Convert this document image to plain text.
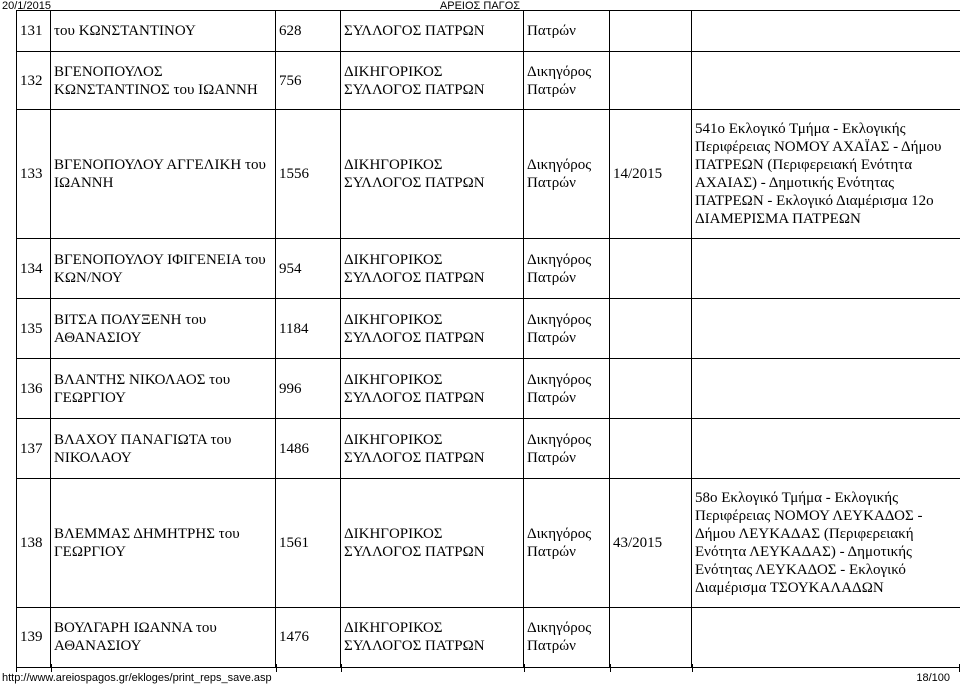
20/1/2015	ΑΡΕΙΟΣ ΠΑΓΟΣ
131	του ΚΩΝΣΤΑΝΤΙΝΟΥ	628	ΣΥΛΛΟΓΟΣ ΠΑΤΡΩΝ	Πατρών		
132	ΒΓΕΝΟΠΟΥΛΟΣ ΚΩΝΣΤΑΝΤΙΝΟΣ του ΙΩΑΝΝΗ	756	ΔΙΚΗΓΟΡΙΚΟΣ ΣΥΛΛΟΓΟΣ ΠΑΤΡΩΝ	Δικηγόρος Πατρών		
133	ΒΓΕΝΟΠΟΥΛΟΥ ΑΓΓΕΛΙΚΗ του ΙΩΑΝΝΗ	1556	ΔΙΚΗΓΟΡΙΚΟΣ ΣΥΛΛΟΓΟΣ ΠΑΤΡΩΝ	Δικηγόρος Πατρών	14/2015	541ο Εκλογικό Τμήμα - Εκλογικής Περιφέρειας ΝΟΜΟΥ ΑΧΑΪΑΣ - Δήμου ΠΑΤΡΕΩΝ (Περιφερειακή Ενότητα ΑΧΑΙΑΣ) - Δημοτικής Ενότητας ΠΑΤΡΕΩΝ - Εκλογικό Διαμέρισμα 12ο ΔΙΑΜΕΡΙΣΜΑ ΠΑΤΡΕΩΝ
134	ΒΓΕΝΟΠΟΥΛΟΥ ΙΦΙΓΕΝΕΙΑ του ΚΩΝ/ΝΟΥ	954	ΔΙΚΗΓΟΡΙΚΟΣ ΣΥΛΛΟΓΟΣ ΠΑΤΡΩΝ	Δικηγόρος Πατρών		
135	ΒΙΤΣΑ ΠΟΛΥΞΕΝΗ του ΑΘΑΝΑΣΙΟΥ	1184	ΔΙΚΗΓΟΡΙΚΟΣ ΣΥΛΛΟΓΟΣ ΠΑΤΡΩΝ	Δικηγόρος Πατρών		
136	ΒΛΑΝΤΗΣ ΝΙΚΟΛΑΟΣ του ΓΕΩΡΓΙΟΥ	996	ΔΙΚΗΓΟΡΙΚΟΣ ΣΥΛΛΟΓΟΣ ΠΑΤΡΩΝ	Δικηγόρος Πατρών		
137	ΒΛΑΧΟΥ ΠΑΝΑΓΙΩΤΑ του ΝΙΚΟΛΑΟΥ	1486	ΔΙΚΗΓΟΡΙΚΟΣ ΣΥΛΛΟΓΟΣ ΠΑΤΡΩΝ	Δικηγόρος Πατρών		
138	ΒΛΕΜΜΑΣ ΔΗΜΗΤΡΗΣ του ΓΕΩΡΓΙΟΥ	1561	ΔΙΚΗΓΟΡΙΚΟΣ ΣΥΛΛΟΓΟΣ ΠΑΤΡΩΝ	Δικηγόρος Πατρών	43/2015	58ο Εκλογικό Τμήμα - Εκλογικής Περιφέρειας ΝΟΜΟΥ ΛΕΥΚΑΔΟΣ - Δήμου ΛΕΥΚΑΔΑΣ (Περιφερειακή Ενότητα ΛΕΥΚΑΔΑΣ) - Δημοτικής Ενότητας ΛΕΥΚΑΔΟΣ - Εκλογικό Διαμέρισμα ΤΣΟΥΚΑΛΑΔΩΝ
139	ΒΟΥΛΓΑΡΗ ΙΩΑΝΝΑ του ΑΘΑΝΑΣΙΟΥ	1476	ΔΙΚΗΓΟΡΙΚΟΣ ΣΥΛΛΟΓΟΣ ΠΑΤΡΩΝ	Δικηγόρος Πατρών		
http://www.areiospagos.gr/ekloges/print_reps_save.asp	18/100
